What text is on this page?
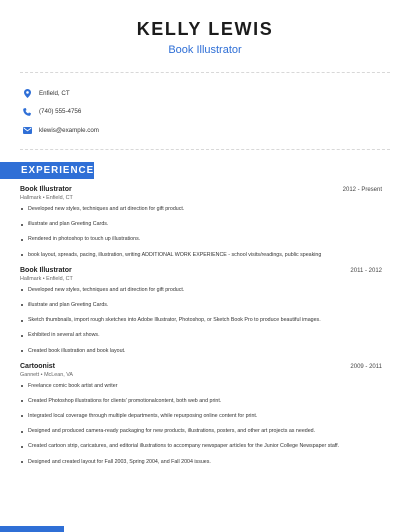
KELLY LEWIS
Book Illustrator
Enfield, CT
(740) 555-4756
klewis@example.com
EXPERIENCE
Book Illustrator	2012 - Present
Hallmark • Enfield, CT
Developed new styles, techniques and art direction for gift product.
illustrate and plan Greeting Cards.
Rendered in photoshop to touch up illustrations.
book layout, spreads, pacing, illustration, writing ADDITIONAL WORK EXPERIENCE - school visits/readings, public speaking
Book Illustrator	2011 - 2012
Hallmark • Enfield, CT
Developed new styles, techniques and art direction for gift product.
illustrate and plan Greeting Cards.
Sketch thumbnails, import rough sketches into Adobe Illustrator, Photoshop, or Sketch Book Pro to produce beautiful images.
Exhibited in several art shows.
Created book illustration and book layout.
Cartoonist	2009 - 2011
Gannett • McLean, VA
Freelance comic book artist and writer
Created Photoshop illustrations for clients' promotionalcontent, both web and print.
Integrated local coverage through multiple departments, while repurposing online content for print.
Designed and produced camera-ready packaging for new products, illustrations, posters, and other art projects as needed.
Created cartoon strip, caricatures, and editorial illustrations to accompany newspaper articles for the Junior College Newspaper staff.
Designed and created layout for Fall 2003, Spring 2004, and Fall 2004 issues.
